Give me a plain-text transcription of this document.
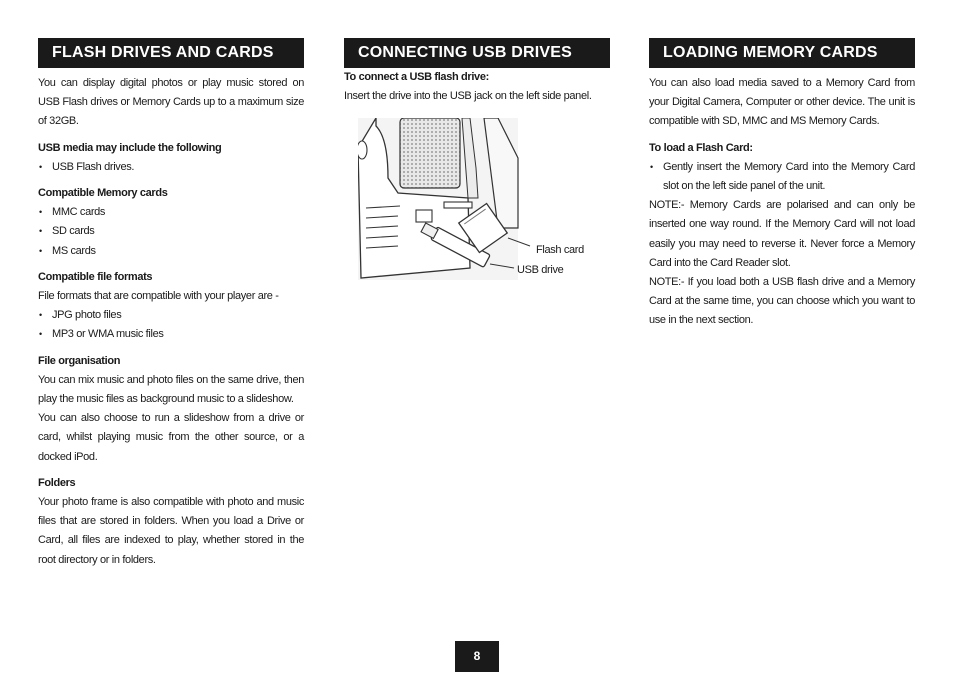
FLASH DRIVES AND CARDS

You can display digital photos or play music stored on USB Flash drives or Memory Cards up to a maximum size of 32GB.

USB media may include the following

• USB Flash drives.

Compatible Memory cards

• MMC cards
• SD cards
• MS cards

Compatible file formats

File formats that are compatible with your player are -

• JPG photo files
• MP3 or WMA music files

File organisation

You can mix music and photo files on the same drive, then play the music files as background music to a slideshow.

You can also choose to run a slideshow from a drive or card, whilst playing music from the other source, or a docked iPod.

Folders

Your photo frame is also compatible with photo and music files that are stored in folders. When you load a Drive or Card, all files are indexed to play, whether stored in the root directory or in folders.

CONNECTING USB DRIVES

To connect a USB flash drive:

Insert the drive into the USB jack on the left side panel.

Flash card
USB drive
LOADING MEMORY CARDS

You can also load media saved to a Memory Card from your Digital Camera, Computer or other device. The unit is compatible with SD, MMC and MS Memory Cards.

To load a Flash Card:

• Gently insert the Memory Card into the Memory Card slot on the left side panel of the unit.

NOTE:- Memory Cards are polarised and can only be inserted one way round. If the Memory Card will not load easily you may need to reverse it. Never force a Memory Card into the Card Reader slot.

NOTE:- If you load both a USB flash drive and a Memory Card at the same time, you can choose which you want to use in the next section.

8
